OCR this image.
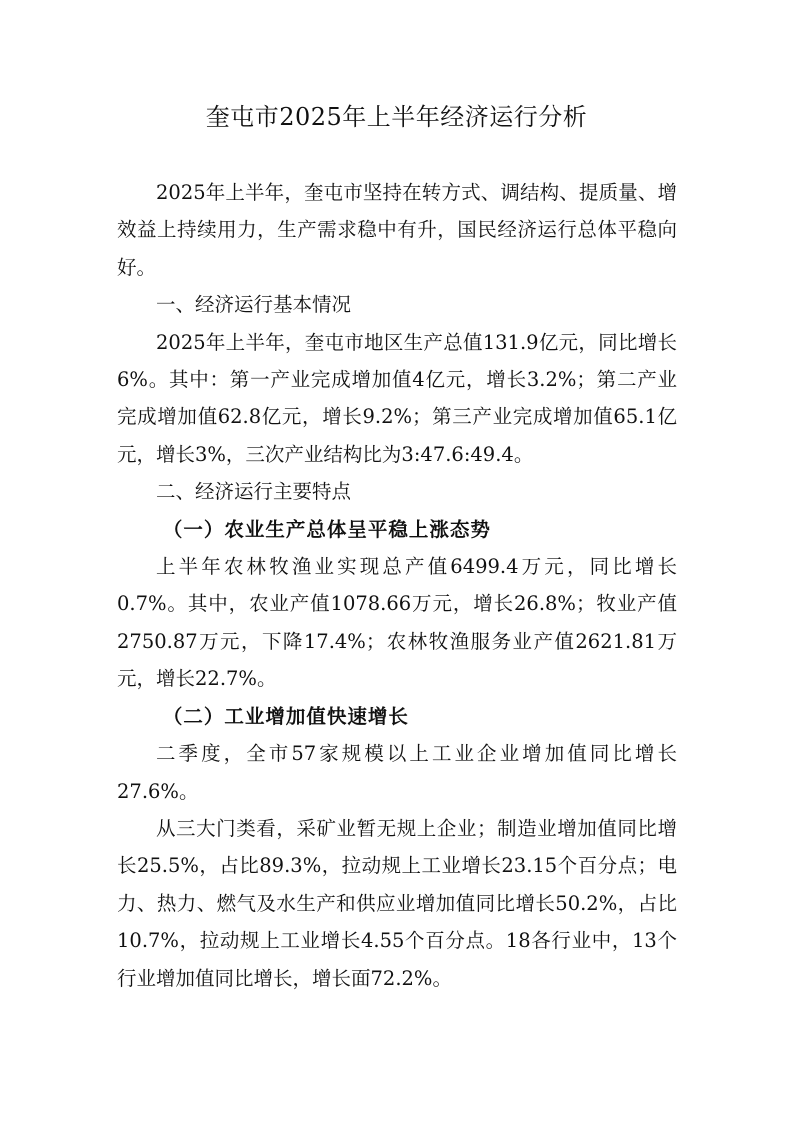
奎屯市2025年上半年经济运行分析

2025年上半年，奎屯市坚持在转方式、调结构、提质量、增效益上持续用力，生产需求稳中有升，国民经济运行总体平稳向好。

一、经济运行基本情况

2025年上半年，奎屯市地区生产总值131.9亿元，同比增长6%。其中：第一产业完成增加值4亿元，增长3.2%；第二产业完成增加值62.8亿元，增长9.2%；第三产业完成增加值65.1亿元，增长3%，三次产业结构比为3:47.6:49.4。

二、经济运行主要特点

（一）农业生产总体呈平稳上涨态势

上半年农林牧渔业实现总产值6499.4万元，同比增长0.7%。其中，农业产值1078.66万元，增长26.8%；牧业产值2750.87万元，下降17.4%；农林牧渔服务业产值2621.81万元，增长22.7%。

（二）工业增加值快速增长

二季度，全市57家规模以上工业企业增加值同比增长27.6%。

从三大门类看，采矿业暂无规上企业；制造业增加值同比增长25.5%，占比89.3%，拉动规上工业增长23.15个百分点；电力、热力、燃气及水生产和供应业增加值同比增长50.2%，占比10.7%，拉动规上工业增长4.55个百分点。18各行业中，13个行业增加值同比增长，增长面72.2%。
